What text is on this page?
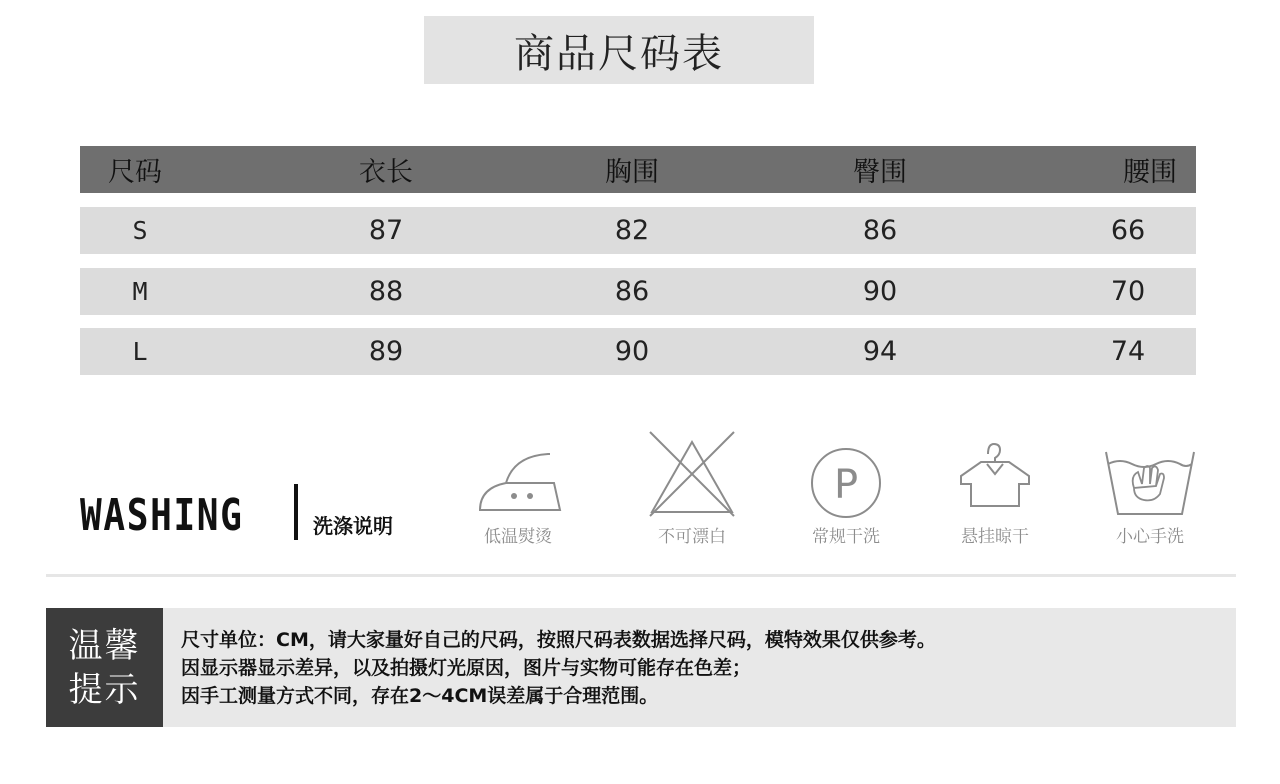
商品尺码表
尺码	衣长	胸围	臀围	腰围
S	87	82	86	66
M	88	86	90	70
L	89	90	94	74
WASHING	洗涤说明	低温熨烫	不可漂白
P
常规干洗	悬挂晾干	小心手洗
温馨
提示
尺寸单位：CM，请大家量好自己的尺码，按照尺码表数据选择尺码，模特效果仅供参考。
因显示器显示差异，以及拍摄灯光原因，图片与实物可能存在色差；
因手工测量方式不同，存在2～4CM误差属于合理范围。
